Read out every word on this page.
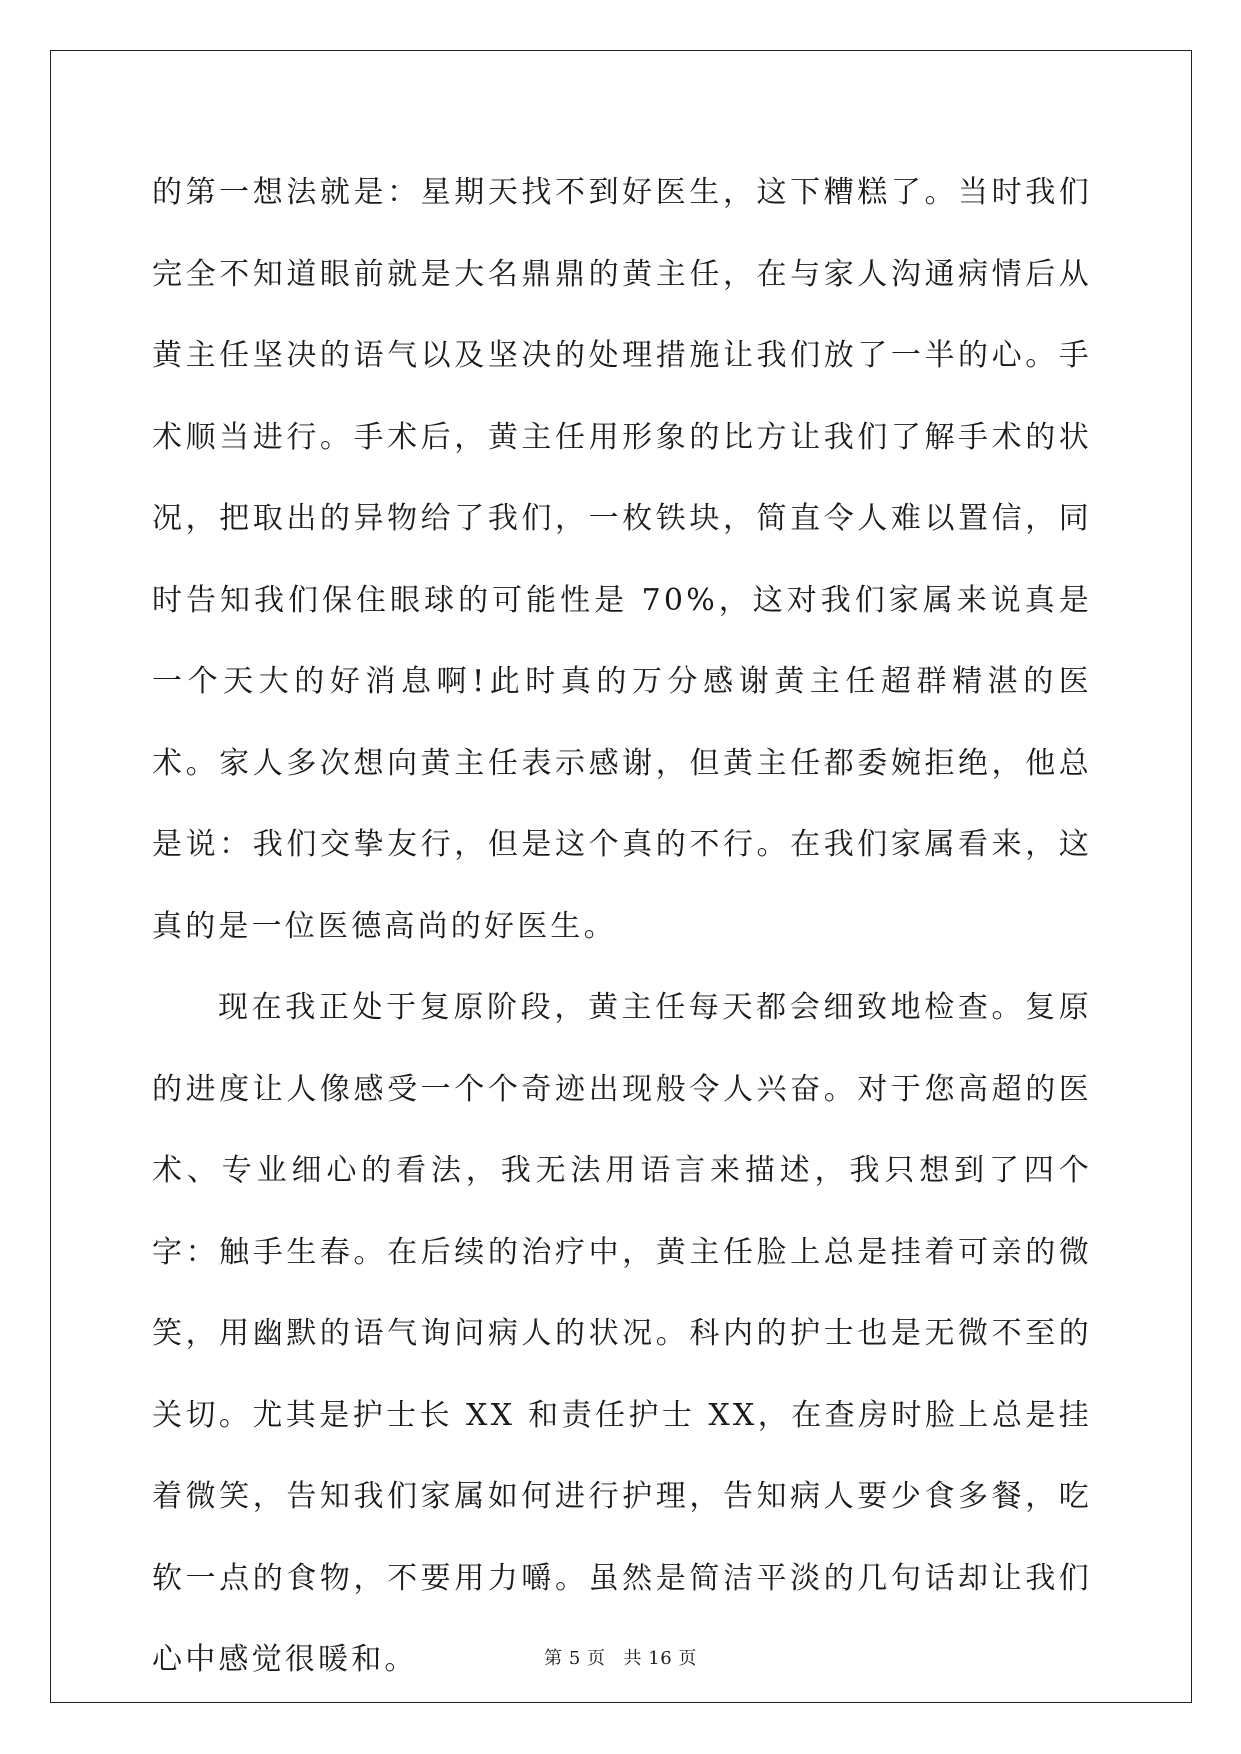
的第一想法就是：星期天找不到好医生，这下糟糕了。当时我们完全不知道眼前就是大名鼎鼎的黄主任，在与家人沟通病情后从黄主任坚决的语气以及坚决的处理措施让我们放了一半的心。手术顺当进行。手术后，黄主任用形象的比方让我们了解手术的状况，把取出的异物给了我们，一枚铁块，简直令人难以置信，同时告知我们保住眼球的可能性是 70%，这对我们家属来说真是一个天大的好消息啊!此时真的万分感谢黄主任超群精湛的医术。家人多次想向黄主任表示感谢，但黄主任都委婉拒绝，他总是说：我们交挚友行，但是这个真的不行。在我们家属看来，这真的是一位医德高尚的好医生。

现在我正处于复原阶段，黄主任每天都会细致地检查。复原的进度让人像感受一个个奇迹出现般令人兴奋。对于您高超的医术、专业细心的看法，我无法用语言来描述，我只想到了四个字：触手生春。在后续的治疗中，黄主任脸上总是挂着可亲的微笑，用幽默的语气询问病人的状况。科内的护士也是无微不至的关切。尤其是护士长 XX 和责任护士 XX，在查房时脸上总是挂着微笑，告知我们家属如何进行护理，告知病人要少食多餐，吃软一点的食物，不要用力嚼。虽然是简洁平淡的几句话却让我们心中感觉很暖和。	第 5 页 共 16 页
